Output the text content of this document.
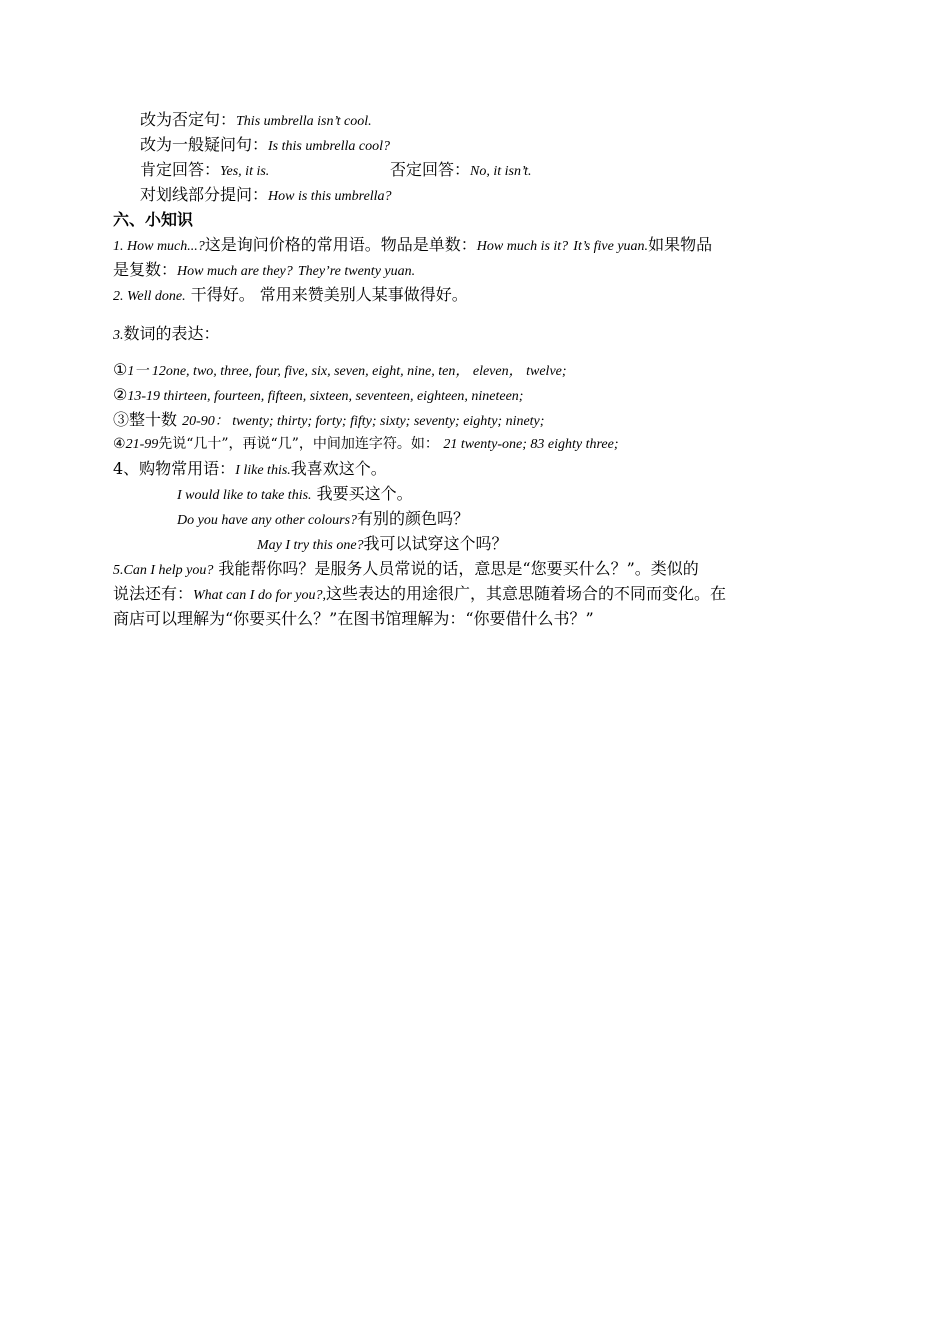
改为否定句：This umbrella isn’t cool.
改为一般疑问句：Is this umbrella cool?
肯定回答：Yes, it is.	否定回答：No, it isn’t.
对划线部分提问：How is this umbrella?
六、小知识
1. How much...?这是询问价格的常用语。物品是单数：How much is it? It’s five yuan.如果物品
是复数：How much are they? They’re twenty yuan.
2. Well done. 干得好。 常用来赞美别人某事做得好。
3.数词的表达：
①1一 12one, two, three, four, five, six, seven, eight, nine, ten， eleven， twelve;
②13-19 thirteen, fourteen, fifteen, sixteen, seventeen, eighteen, nineteen;
③整十数 20-90： twenty; thirty; forty; fifty; sixty; seventy; eighty; ninety;
④21-99先说“几十”，再说“几”，中间加连字符。如： 21 twenty-one; 83 eighty three;
4、购物常用语：I like this.我喜欢这个。
I would like to take this. 我要买这个。
Do you have any other colours?有别的颜色吗？
May I try this one?我可以试穿这个吗？
5.Can I help you? 我能帮你吗？是服务人员常说的话，意思是“您要买什么？”。类似的
说法还有：What can I do for you?,这些表达的用途很广，其意思随着场合的不同而变化。在
商店可以理解为“你要买什么？”在图书馆理解为：“你要借什么书？”
